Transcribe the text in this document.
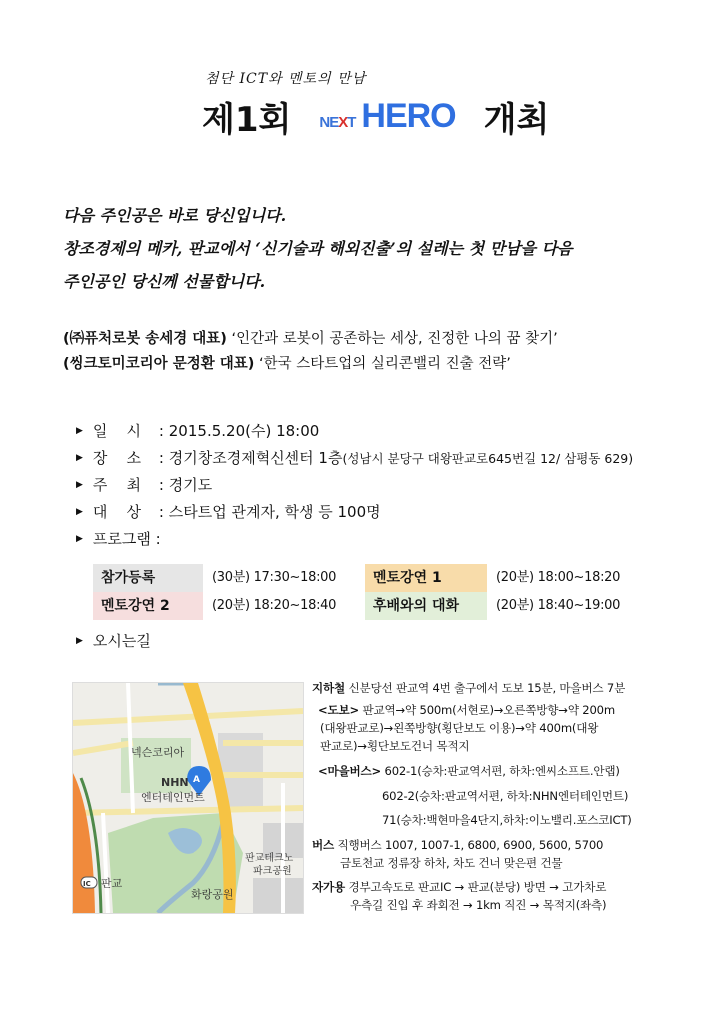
첨단 ICT와 멘토의 만남
제1회 NEXT HERO 개최
다음 주인공은 바로 당신입니다.
창조경제의 메카, 판교에서 ‘신기술과 해외진출’의 설레는 첫 만남을 다음
주인공인 당신께 선물합니다.
(㈜퓨처로봇 송세경 대표) ‘인간과 로봇이 공존하는 세상, 진정한 나의 꿈 찾기’
(씽크토미코리아 문정환 대표) ‘한국 스타트업의 실리콘밸리 진출 전략’
▶ 일    시	:
2015.5.20(수) 18:00
▶ 장    소	:
경기창조경제혁신센터 1층 (성남시 분당구 대왕판교로645번길 12/ 삼평동 629)
▶ 주    최	:
경기도
▶ 대    상	:
스타트업 관계자, 학생 등 100명
▶ 프로그램
:
참가등록	(30분) 17:30~18:00	멘토강연 1	(20분) 18:00~18:20
멘토강연 2	(20분) 18:20~18:40	후배와의 대화	(20분) 18:40~19:00
▶ 오시는길
A
넥슨코리아
NHN
엔터테인먼트
판교테크노
파크공원
IC 판교
화랑공원
지하철 신분당선 판교역 4번 출구에서 도보 15분, 마을버스 7분
<도보> 판교역→약 500m(서현로)→오른쪽방향→약 200m
(대왕판교로)→왼쪽방향(횡단보도 이용)→약 400m(대왕
판교로)→횡단보도건너 목적지
<마을버스> 602-1(승차:판교역서편, 하차:엔씨소프트.안랩)
602-2(승차:판교역서편, 하차:NHN엔터테인먼트)
71(승차:백현마을4단지,하차:이노밸리.포스코ICT)
버스 직행버스 1007, 1007-1, 6800, 6900, 5600, 5700
금토천교 정류장 하차, 차도 건너 맞은편 건물
자가용 경부고속도로 판교IC → 판교(분당) 방면 → 고가차로
우측길 진입 후 좌회전 → 1km 직진 → 목적지(좌측)
